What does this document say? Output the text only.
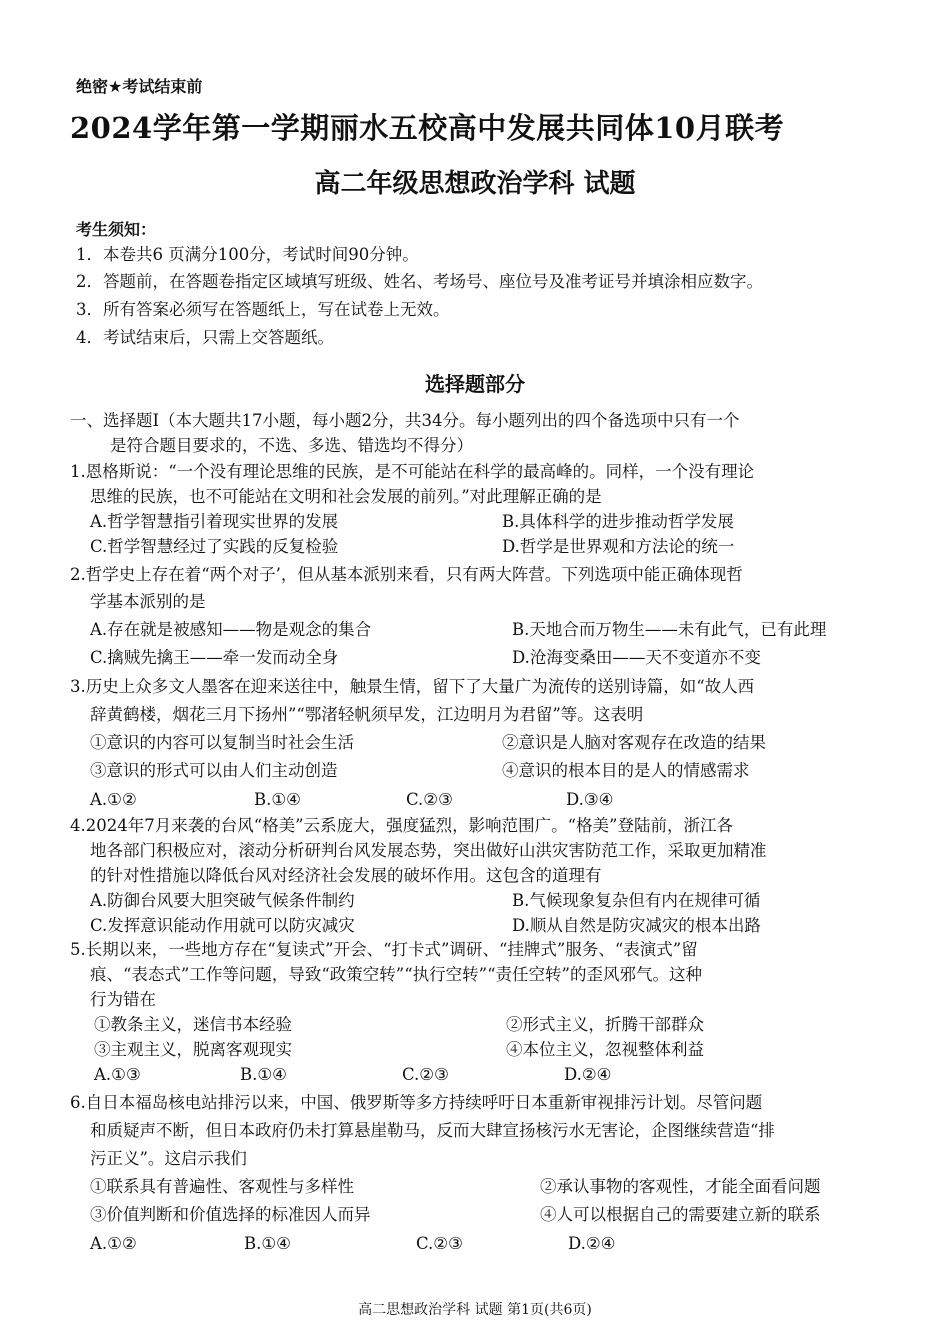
绝密★考试结束前
2024学年第一学期丽水五校高中发展共同体10月联考
高二年级思想政治学科 试题
考生须知：
1．本卷共6 页满分100分，考试时间90分钟。
2．答题前，在答题卷指定区域填写班级、姓名、考场号、座位号及准考证号并填涂相应数字。
3．所有答案必须写在答题纸上，写在试卷上无效。
4．考试结束后，只需上交答题纸。
选择题部分
一、选择题Ⅰ（本大题共17小题，每小题2分，共34分。每小题列出的四个备选项中只有一个
是符合题目要求的，不选、多选、错选均不得分）
1.恩格斯说：“一个没有理论思维的民族，是不可能站在科学的最高峰的。同样，一个没有理论
思维的民族，也不可能站在文明和社会发展的前列。”对此理解正确的是
A.哲学智慧指引着现实世界的发展	B.具体科学的进步推动哲学发展
C.哲学智慧经过了实践的反复检验	D.哲学是世界观和方法论的统一
2.哲学史上存在着“两个对子’，但从基本派别来看，只有两大阵营。下列选项中能正确体现哲
学基本派别的是
A.存在就是被感知——物是观念的集合	B.天地合而万物生——未有此气，已有此理
C.擒贼先擒王——牵一发而动全身	D.沧海变桑田——天不变道亦不变
3.历史上众多文人墨客在迎来送往中，触景生情，留下了大量广为流传的送别诗篇，如“故人西
辞黄鹤楼，烟花三月下扬州”“鄂渚轻帆须早发，江边明月为君留”等。这表明
①意识的内容可以复制当时社会生活	②意识是人脑对客观存在改造的结果
③意识的形式可以由人们主动创造	④意识的根本目的是人的情感需求
A.①②	B.①④	C.②③	D.③④
4.2024年7月来袭的台风“格美”云系庞大，强度猛烈，影响范围广。“格美”登陆前，浙江各
地各部门积极应对，滚动分析研判台风发展态势，突出做好山洪灾害防范工作，采取更加精准
的针对性措施以降低台风对经济社会发展的破坏作用。这包含的道理有
A.防御台风要大胆突破气候条件制约	B.气候现象复杂但有内在规律可循
C.发挥意识能动作用就可以防灾减灾	D.顺从自然是防灾减灾的根本出路
5.长期以来，一些地方存在“复读式”开会、“打卡式”调研、“挂牌式”服务、“表演式”留
痕、“表态式”工作等问题，导致“政策空转”“执行空转”“责任空转”的歪风邪气。这种
行为错在
①教条主义，迷信书本经验	②形式主义，折腾干部群众
③主观主义，脱离客观现实	④本位主义，忽视整体利益
A.①③	B.①④	C.②③	D.②④
6.自日本福岛核电站排污以来，中国、俄罗斯等多方持续呼吁日本重新审视排污计划。尽管问题
和质疑声不断，但日本政府仍未打算悬崖勒马，反而大肆宣扬核污水无害论，企图继续营造“排
污正义”。这启示我们
①联系具有普遍性、客观性与多样性	②承认事物的客观性，才能全面看问题
③价值判断和价值选择的标准因人而异	④人可以根据自己的需要建立新的联系
A.①②	B.①④	C.②③	D.②④
高二思想政治学科 试题 第1页(共6页)
